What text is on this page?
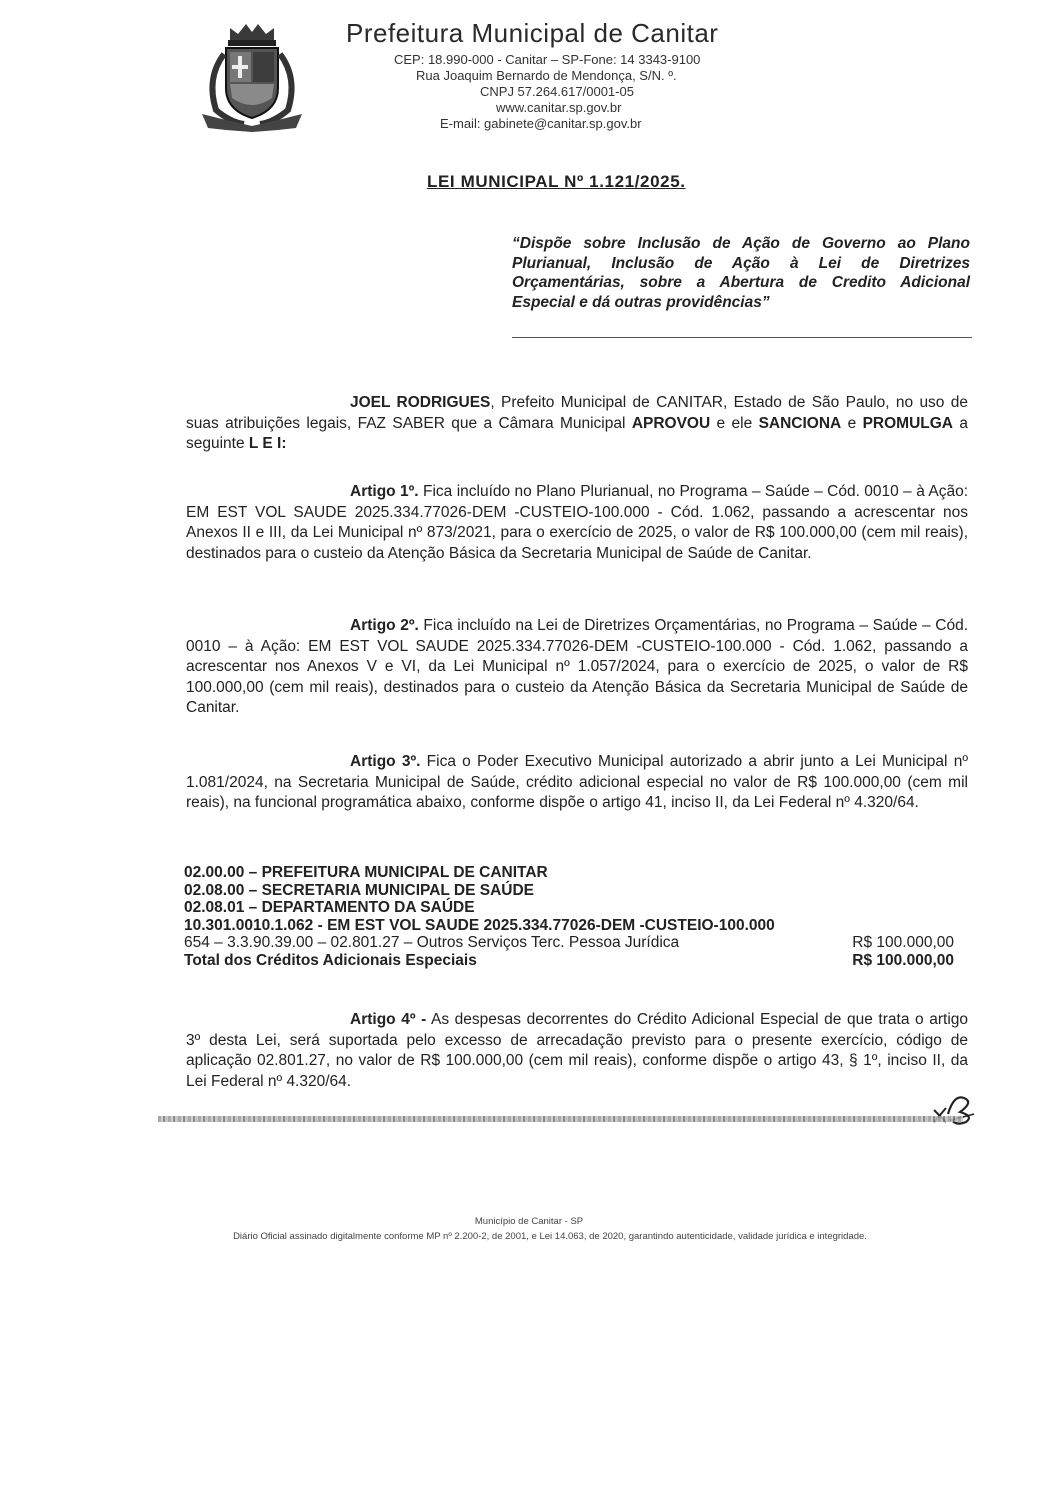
Prefeitura Municipal de Canitar
CEP: 18.990-000 - Canitar – SP-Fone: 14 3343-9100
Rua Joaquim Bernardo de Mendonça, S/N. º.
CNPJ 57.264.617/0001-05
www.canitar.sp.gov.br
E-mail: gabinete@canitar.sp.gov.br
LEI MUNICIPAL Nº 1.121/2025.
“Dispõe sobre Inclusão de Ação de Governo ao Plano Plurianual, Inclusão de Ação à Lei de Diretrizes Orçamentárias, sobre a Abertura de Credito Adicional Especial e dá outras providências”
JOEL RODRIGUES, Prefeito Municipal de CANITAR, Estado de São Paulo, no uso de suas atribuições legais, FAZ SABER que a Câmara Municipal APROVOU e ele SANCIONA e PROMULGA a seguinte L E I:
Artigo 1º. Fica incluído no Plano Plurianual, no Programa – Saúde – Cód. 0010 – à Ação: EM EST VOL SAUDE 2025.334.77026-DEM -CUSTEIO-100.000 - Cód. 1.062, passando a acrescentar nos Anexos II e III, da Lei Municipal nº 873/2021, para o exercício de 2025, o valor de R$ 100.000,00 (cem mil reais), destinados para o custeio da Atenção Básica da Secretaria Municipal de Saúde de Canitar.
Artigo 2º. Fica incluído na Lei de Diretrizes Orçamentárias, no Programa – Saúde – Cód. 0010 – à Ação: EM EST VOL SAUDE 2025.334.77026-DEM -CUSTEIO-100.000 - Cód. 1.062, passando a acrescentar nos Anexos V e VI, da Lei Municipal nº 1.057/2024, para o exercício de 2025, o valor de R$ 100.000,00 (cem mil reais), destinados para o custeio da Atenção Básica da Secretaria Municipal de Saúde de Canitar.
Artigo 3º. Fica o Poder Executivo Municipal autorizado a abrir junto a Lei Municipal nº 1.081/2024, na Secretaria Municipal de Saúde, crédito adicional especial no valor de R$ 100.000,00 (cem mil reais), na funcional programática abaixo, conforme dispõe o artigo 41, inciso II, da Lei Federal nº 4.320/64.
02.00.00 – PREFEITURA MUNICIPAL DE CANITAR
02.08.00 – SECRETARIA MUNICIPAL DE SAÚDE
02.08.01 – DEPARTAMENTO DA SAÚDE
10.301.0010.1.062 - EM EST VOL SAUDE 2025.334.77026-DEM -CUSTEIO-100.000
654 – 3.3.90.39.00 – 02.801.27 – Outros Serviços Terc. Pessoa Jurídica	R$ 100.000,00
Total dos Créditos Adicionais Especiais	R$ 100.000,00
Artigo 4º - As despesas decorrentes do Crédito Adicional Especial de que trata o artigo 3º desta Lei, será suportada pelo excesso de arrecadação previsto para o presente exercício, código de aplicação 02.801.27, no valor de R$ 100.000,00 (cem mil reais), conforme dispõe o artigo 43, § 1º, inciso II, da Lei Federal nº 4.320/64.
Município de Canitar - SP
Diário Oficial assinado digitalmente conforme MP nº 2.200-2, de 2001, e Lei 14.063, de 2020, garantindo autenticidade, validade jurídica e integridade.
